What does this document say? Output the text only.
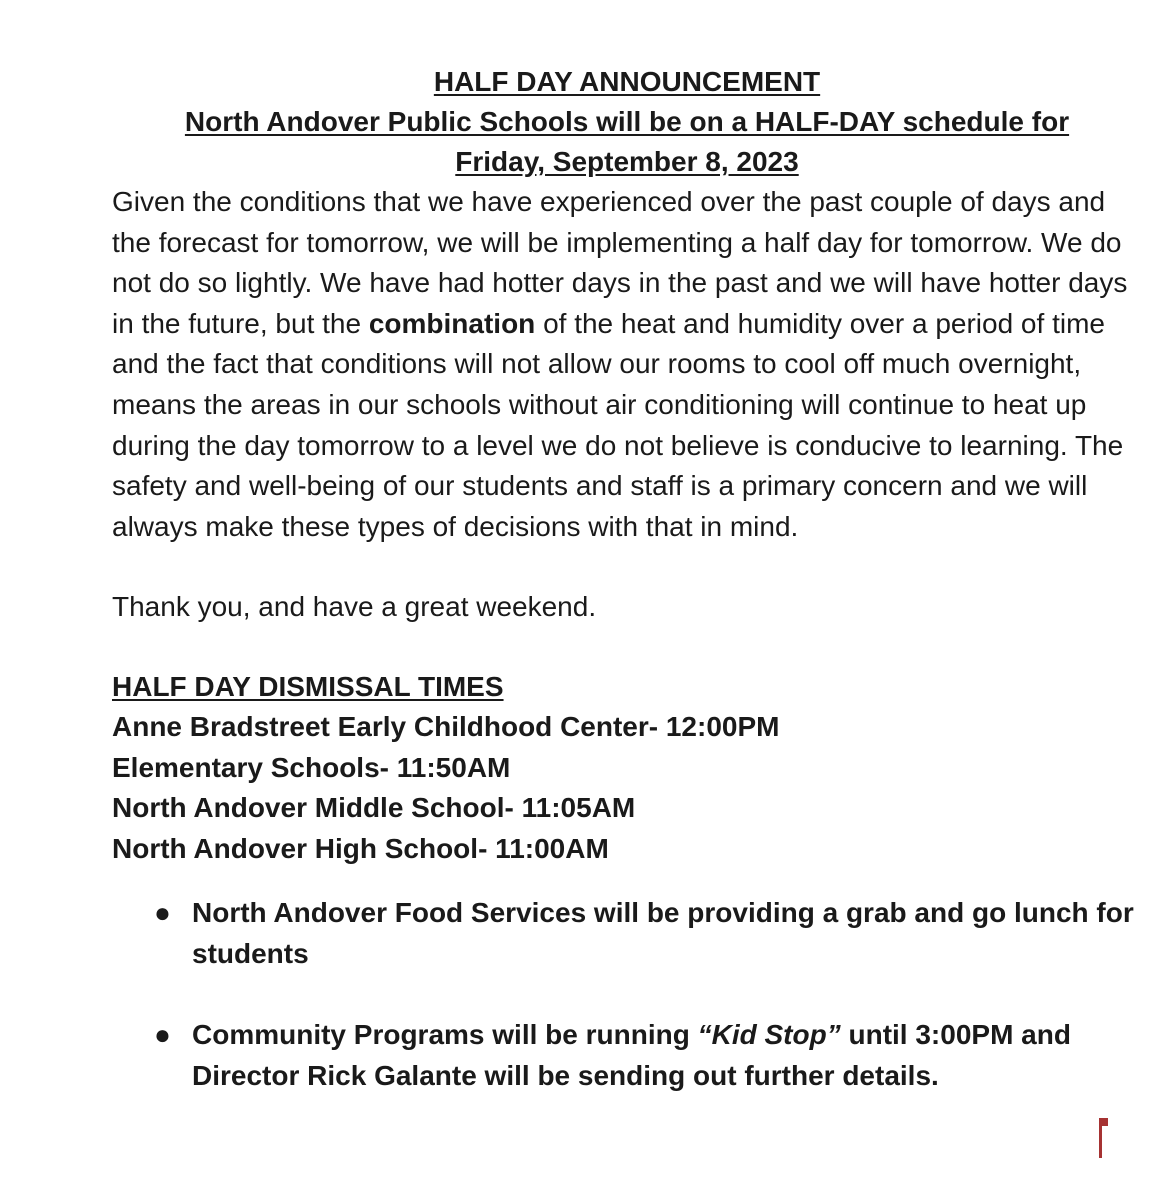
HALF DAY ANNOUNCEMENT
North Andover Public Schools will be on a HALF-DAY schedule for
Friday, September 8, 2023
Given the conditions that we have experienced over the past couple of days and the forecast for tomorrow, we will be implementing a half day for tomorrow. We do not do so lightly. We have had hotter days in the past and we will have hotter days in the future, but the combination of the heat and humidity over a period of time and the fact that conditions will not allow our rooms to cool off much overnight, means the areas in our schools without air conditioning will continue to heat up during the day tomorrow to a level we do not believe is conducive to learning. The safety and well-being of our students and staff is a primary concern and we will always make these types of decisions with that in mind.
Thank you, and have a great weekend.
HALF DAY DISMISSAL TIMES
Anne Bradstreet Early Childhood Center- 12:00PM
Elementary Schools- 11:50AM
North Andover Middle School- 11:05AM
North Andover High School- 11:00AM
● North Andover Food Services will be providing a grab and go lunch for students
● Community Programs will be running “Kid Stop” until 3:00PM and Director Rick Galante will be sending out further details.
